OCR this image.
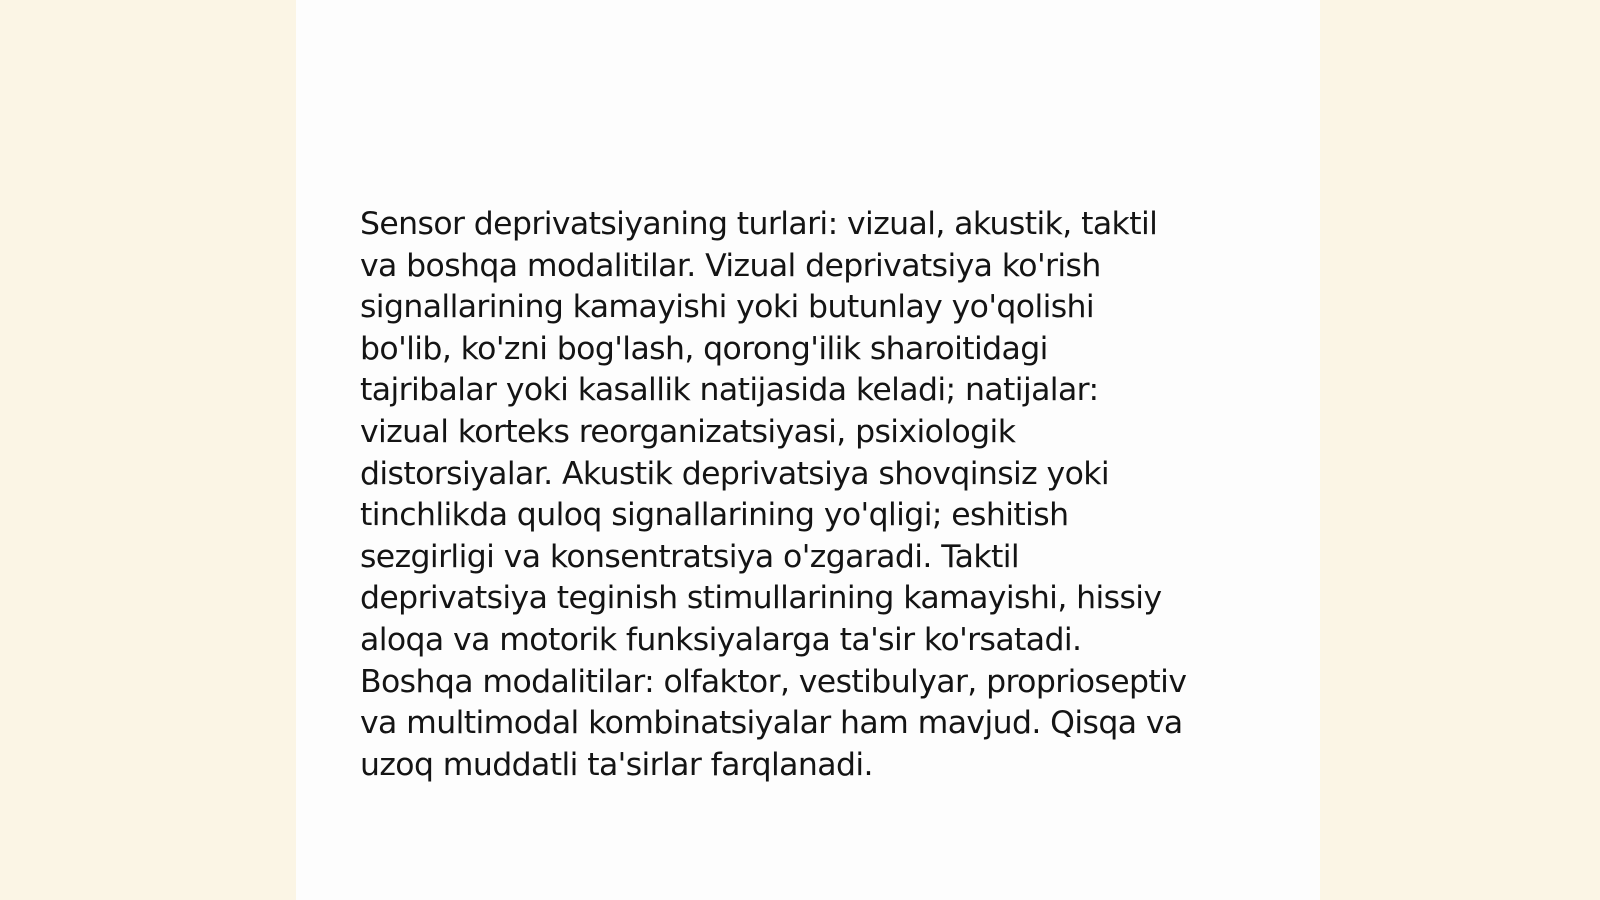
Sensor deprivatsiyaning turlari: vizual, akustik, taktil
va boshqa modalitilar. Vizual deprivatsiya ko'rish
signallarining kamayishi yoki butunlay yo'qolishi
bo'lib, ko'zni bog'lash, qorong'ilik sharoitidagi
tajribalar yoki kasallik natijasida keladi; natijalar:
vizual korteks reorganizatsiyasi, psixiologik
distorsiyalar. Akustik deprivatsiya shovqinsiz yoki
tinchlikda quloq signallarining yo'qligi; eshitish
sezgirligi va konsentratsiya o'zgaradi. Taktil
deprivatsiya teginish stimullarining kamayishi, hissiy
aloqa va motorik funksiyalarga ta'sir ko'rsatadi.
Boshqa modalitilar: olfaktor, vestibulyar, proprioseptiv
va multimodal kombinatsiyalar ham mavjud. Qisqa va
uzoq muddatli ta'sirlar farqlanadi.
